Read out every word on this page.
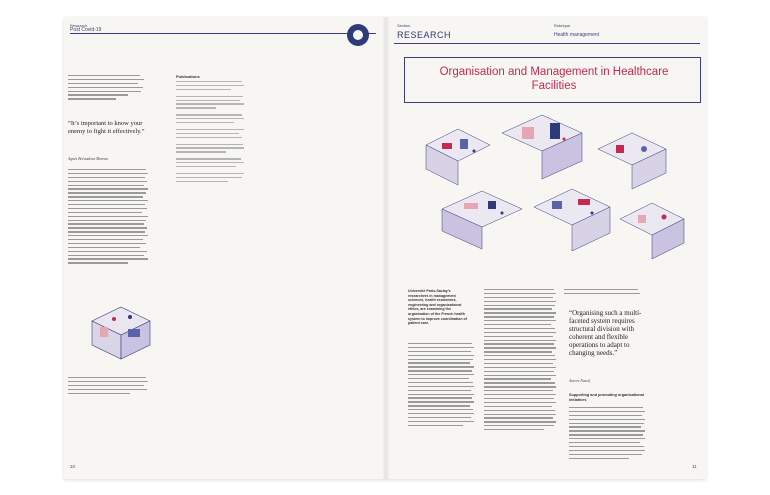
Research
Post Covid-19
“It’s important to know your enemy to fight it effectively.”
Agnès Bréaudeau-Moreau
Publications
10
Section
RESEARCH
Rubrique
Health management
Organisation and Management in Healthcare Facilities
Université Paris-Saclay’s researchers in management sciences, health economics, engineering and organisational ethics, are examining the organisation of the French health system to improve coordination of patient care.
“Organising such a multi-faceted system requires structural division with coherent and flexible operations to adapt to changing needs.”
Aurore Nassif
Supporting and promoting organisational initiatives
11
